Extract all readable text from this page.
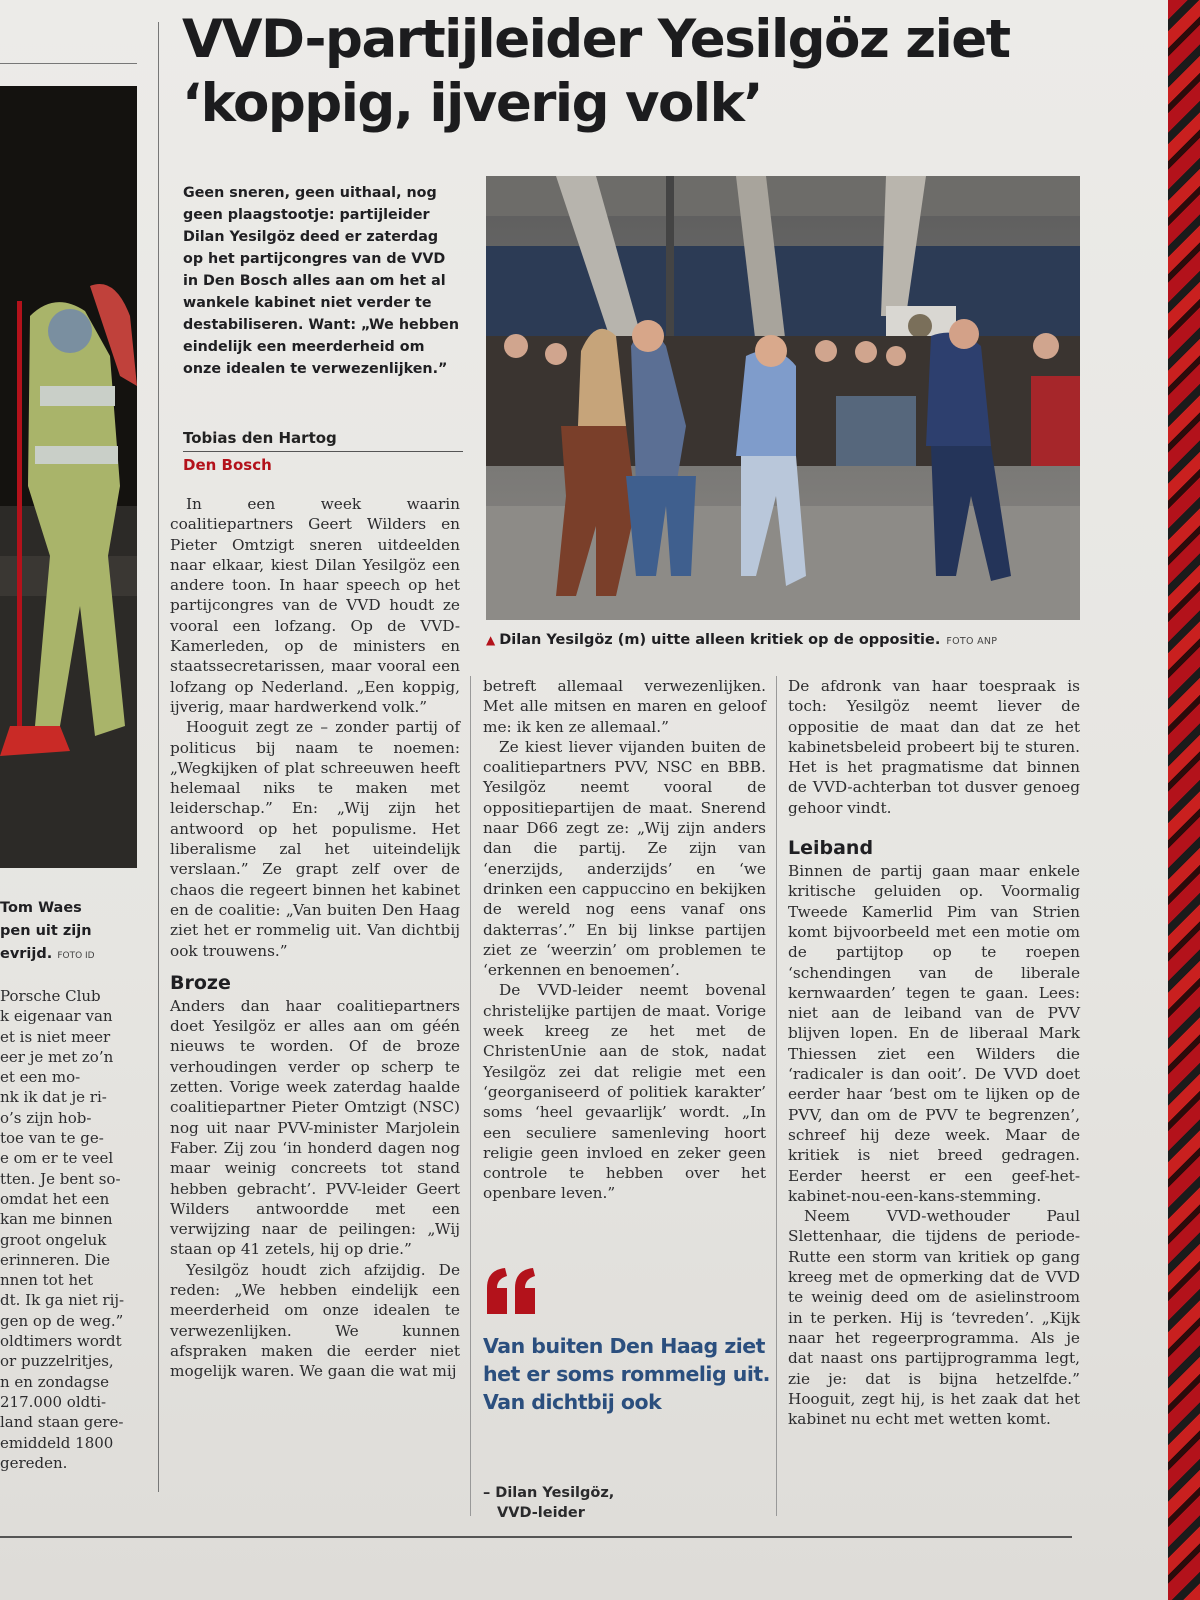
Tom Waes
pen uit zijn
evrijd. FOTO ID
Porsche Club
k eigenaar van
et is niet meer
eer je met zo’n
et een mo-
nk ik dat je ri-
o’s zijn hob-
toe van te ge-
e om er te veel
tten. Je bent so-
omdat het een
kan me binnen
groot ongeluk
erinneren. Die
nnen tot het
dt. Ik ga niet rij-
gen op de weg.”
oldtimers wordt
or puzzelritjes,
n en zondagse
217.000 oldti-
land staan gere-
emiddeld 1800
gereden.
VVD-partijleider Yesilgöz ziet ‘koppig, ijverig volk’
Geen sneren, geen uithaal, nog geen plaagstootje: partijleider Dilan Yesilgöz deed er zaterdag op het partijcongres van de VVD in Den Bosch alles aan om het al wankele kabinet niet verder te destabiliseren. Want: „We hebben eindelijk een meerderheid om onze idealen te verwezenlijken.”
Tobias den Hartog
Den Bosch

In een week waarin coalitiepartners Geert Wilders en Pieter Omtzigt sneren uitdeelden naar elkaar, kiest Dilan Yesilgöz een andere toon. In haar speech op het partijcongres van de VVD houdt ze vooral een lofzang. Op de VVD-Kamerleden, op de ministers en staatssecretarissen, maar vooral een lofzang op Nederland. „Een koppig, ijverig, maar hardwerkend volk.”

Hooguit zegt ze – zonder partij of politicus bij naam te noemen: „Wegkijken of plat schreeuwen heeft helemaal niks te maken met leiderschap.” En: „Wij zijn het antwoord op het populisme. Het liberalisme zal het uiteindelijk verslaan.” Ze grapt zelf over de chaos die regeert binnen het kabinet en de coalitie: „Van buiten Den Haag ziet het er rommelig uit. Van dichtbij ook trouwens.”

Broze

Anders dan haar coalitiepartners doet Yesilgöz er alles aan om géén nieuws te worden. Of de broze verhoudingen verder op scherp te zetten. Vorige week zaterdag haalde coalitiepartner Pieter Omtzigt (NSC) nog uit naar PVV-minister Marjolein Faber. Zij zou ‘in honderd dagen nog maar weinig concreets tot stand hebben gebracht’. PVV-leider Geert Wilders antwoordde met een verwijzing naar de peilingen: „Wij staan op 41 zetels, hij op drie.”

Yesilgöz houdt zich afzijdig. De reden: „We hebben eindelijk een meerderheid om onze idealen te verwezenlijken. We kunnen afspraken maken die eerder niet mogelijk waren. We gaan die wat mij

▲ Dilan Yesilgöz (m) uitte alleen kritiek op de oppositie. FOTO ANP

betreft allemaal verwezenlijken. Met alle mitsen en maren en geloof me: ik ken ze allemaal.”

Ze kiest liever vijanden buiten de coalitiepartners PVV, NSC en BBB. Yesilgöz neemt vooral de oppositiepartijen de maat. Snerend naar D66 zegt ze: „Wij zijn anders dan die partij. Ze zijn van ‘enerzijds, anderzijds’ en ‘we drinken een cappuccino en bekijken de wereld nog eens vanaf ons dakterras’.” En bij linkse partijen ziet ze ‘weerzin’ om problemen te ‘erkennen en benoemen’.

De VVD-leider neemt bovenal christelijke partijen de maat. Vorige week kreeg ze het met de ChristenUnie aan de stok, nadat Yesilgöz zei dat religie met een ‘georganiseerd of politiek karakter’ soms ‘heel gevaarlijk’ wordt. „In een seculiere samenleving hoort religie geen invloed en zeker geen controle te hebben over het openbare leven.”

Van buiten Den Haag ziet het er soms rommelig uit. Van dichtbij ook
– Dilan Yesilgöz,
VVD-leider

De afdronk van haar toespraak is toch: Yesilgöz neemt liever de oppositie de maat dan dat ze het kabinetsbeleid probeert bij te sturen. Het is het pragmatisme dat binnen de VVD-achterban tot dusver genoeg gehoor vindt.

Leiband

Binnen de partij gaan maar enkele kritische geluiden op. Voormalig Tweede Kamerlid Pim van Strien komt bijvoorbeeld met een motie om de partijtop op te roepen ‘schendingen van de liberale kernwaarden’ tegen te gaan. Lees: niet aan de leiband van de PVV blijven lopen. En de liberaal Mark Thiessen ziet een Wilders die ‘radicaler is dan ooit’. De VVD doet eerder haar ‘best om te lijken op de PVV, dan om de PVV te begrenzen’, schreef hij deze week. Maar de kritiek is niet breed gedragen. Eerder heerst er een geef-het-kabinet-nou-een-kans-stemming.

Neem VVD-wethouder Paul Slettenhaar, die tijdens de periode-Rutte een storm van kritiek op gang kreeg met de opmerking dat de VVD te weinig deed om de asielinstroom in te perken. Hij is ‘tevreden’. „Kijk naar het regeerprogramma. Als je dat naast ons partijprogramma legt, zie je: dat is bijna hetzelfde.” Hooguit, zegt hij, is het zaak dat het kabinet nu echt met wetten komt.
